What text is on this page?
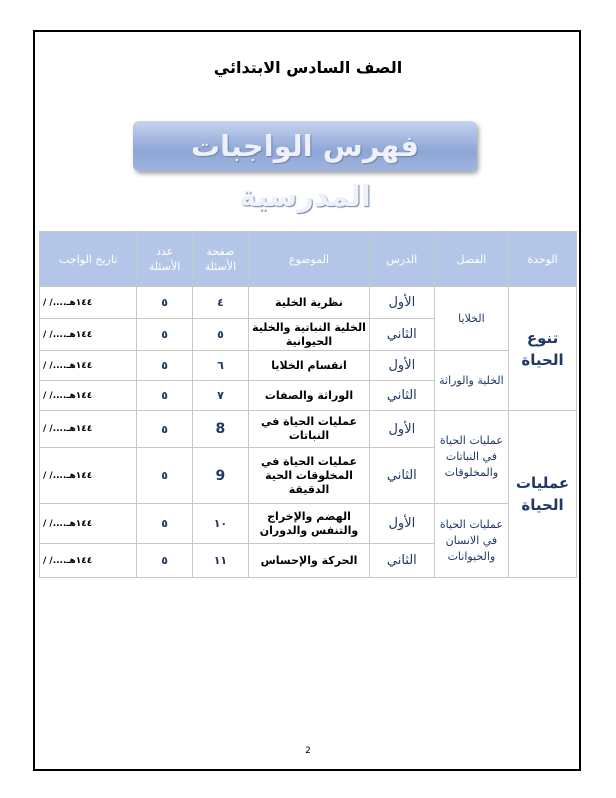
الصف السادس الابتدائي
فهرس الواجبات المدرسية
الوحدة	الفصل	الدرس	الموضوع	صفحة الأسئلة	عدد الأسئلة	تاريخ الواجب
تنوع الحياة	الخلايا	الأول	نظرية الخلية	٤	٥	/ /....١٤٤هـ
		الثاني	الخلية النباتية والخلية الحيوانية	٥	٥	/ /....١٤٤هـ
	الخلية والوراثة	الأول	انقسام الخلايا	٦	٥	/ /....١٤٤هـ
		الثاني	الوراثة والصفات	٧	٥	/ /....١٤٤هـ
عمليات الحياة	عمليات الحياة في النباتات والمخلوقات	الأول	عمليات الحياة في النباتات	8	٥	/ /....١٤٤هـ
		الثاني	عمليات الحياة في المخلوقات الحية الدقيقة	9	٥	/ /....١٤٤هـ
	عمليات الحياة في الانسان والحيوانات	الأول	الهضم والإخراج والتنفس والدوران	١٠	٥	/ /....١٤٤هـ
		الثاني	الحركة والإحساس	١١	٥	/ /....١٤٤هـ
2
